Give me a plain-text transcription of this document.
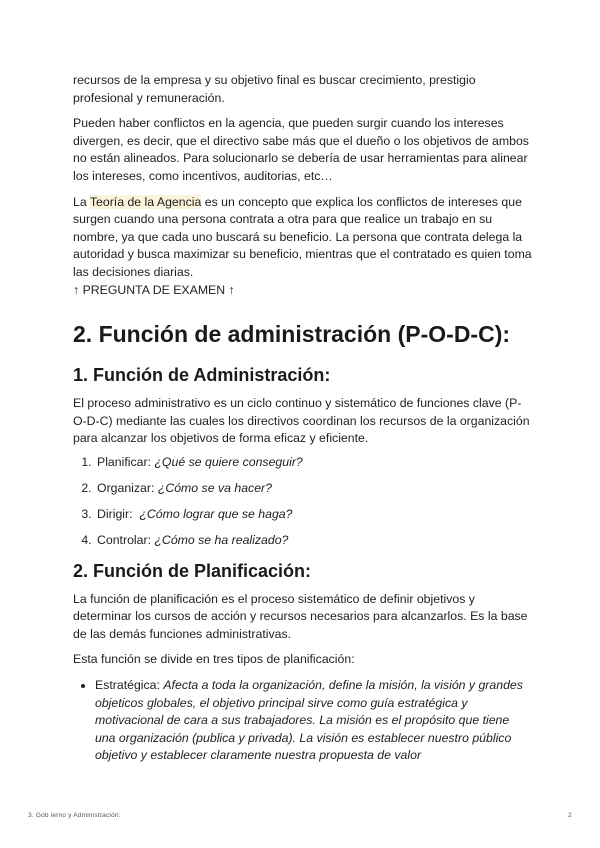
recursos de la empresa y su objetivo final es buscar crecimiento, prestigio profesional y remuneración.

Pueden haber conflictos en la agencia, que pueden surgir cuando los intereses divergen, es decir, que el directivo sabe más que el dueño o los objetivos de ambos no están alineados. Para solucionarlo se debería de usar herramientas para alinear los intereses, como incentivos, auditorias, etc…

La Teoría de la Agencia es un concepto que explica los conflictos de intereses que surgen cuando una persona contrata a otra para que realice un trabajo en su nombre, ya que cada uno buscará su beneficio. La persona que contrata delega la autoridad y busca maximizar su beneficio, mientras que el contratado es quien toma las decisiones diarias.

↑ PREGUNTA DE EXAMEN ↑

2. Función de administración (P-O-D-C):
1. Función de Administración:

El proceso administrativo es un ciclo continuo y sistemático de funciones clave (P-O-D-C) mediante las cuales los directivos coordinan los recursos de la organización para alcanzar los objetivos de forma eficaz y eficiente.

1. Planificar: ¿Qué se quiere conseguir?
2. Organizar: ¿Cómo se va hacer?
3. Dirigir:  ¿Cómo lograr que se haga?
4. Controlar: ¿Cómo se ha realizado?
2. Función de Planificación:

La función de planificación es el proceso sistemático de definir objetivos y determinar los cursos de acción y recursos necesarios para alcanzarlos. Es la base de las demás funciones administrativas.

Esta función se divide en tres tipos de planificación:

• Estratégica: Afecta a toda la organización, define la misión, la visión y grandes objeticos globales, el objetivo principal sirve como guía estratégica y motivacional de cara a sus trabajadores. La misión es el propósito que tiene una organización (publica y privada). La visión es establecer nuestro público objetivo y establecer claramente nuestra propuesta de valor
3. Gob ierno y Administración:	2
